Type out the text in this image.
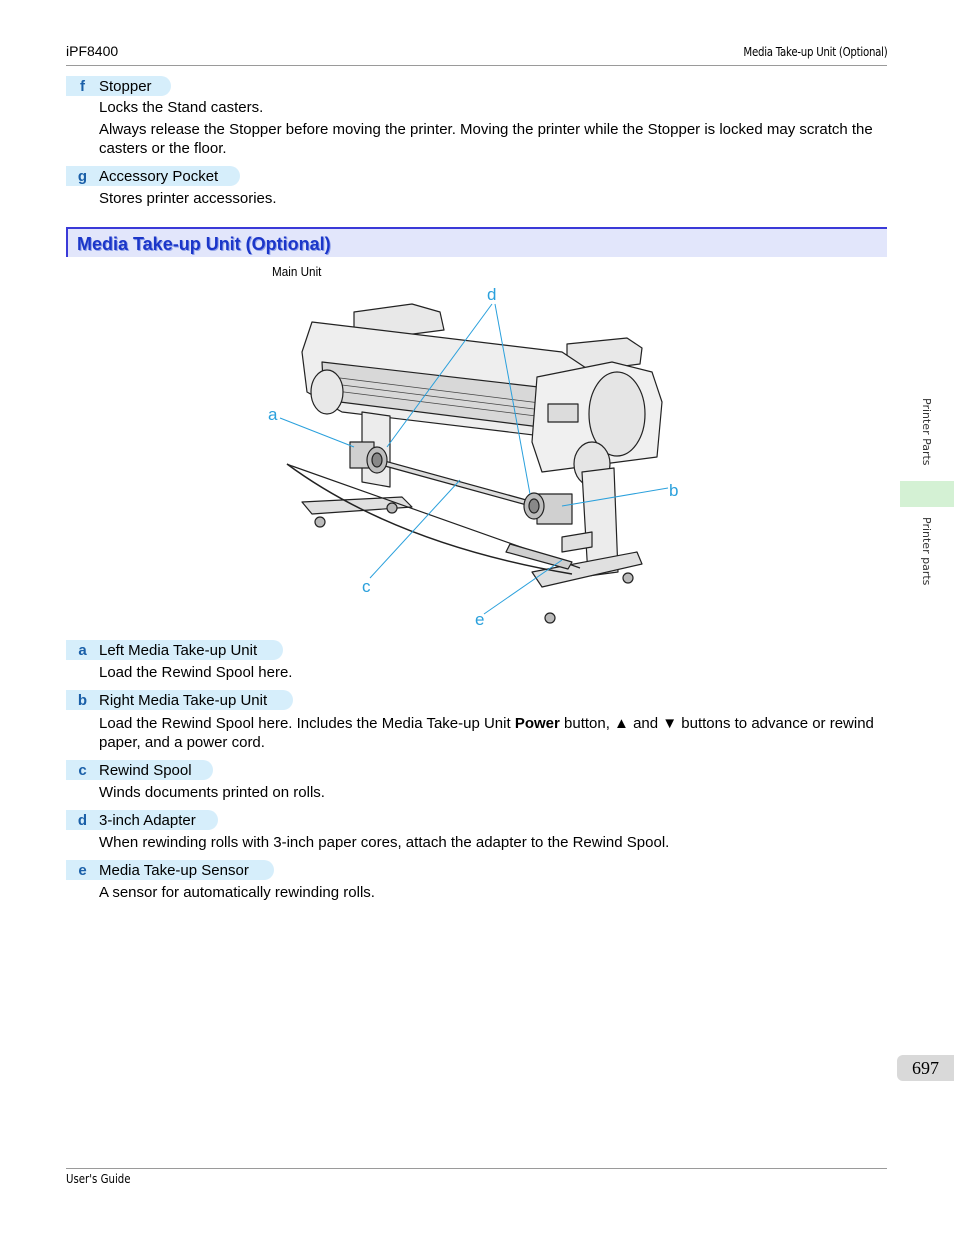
iPF8400	Media Take-up Unit (Optional)
f Stopper
Locks the Stand casters.
Always release the Stopper before moving the printer. Moving the printer while the Stopper is locked may scratch the casters or the floor.
g Accessory Pocket
Stores printer accessories.
Media Take-up Unit (Optional)
Main Unit
a
d
b
c
e
a Left Media Take-up Unit
Load the Rewind Spool here.
b Right Media Take-up Unit
Load the Rewind Spool here. Includes the Media Take-up Unit Power button, ▲ and ▼ buttons to advance or rewind paper, and a power cord.
c Rewind Spool
Winds documents printed on rolls.
d 3-inch Adapter
When rewinding rolls with 3-inch paper cores, attach the adapter to the Rewind Spool.
e Media Take-up Sensor
A sensor for automatically rewinding rolls.
Printer Parts
Printer parts
697
User's Guide
